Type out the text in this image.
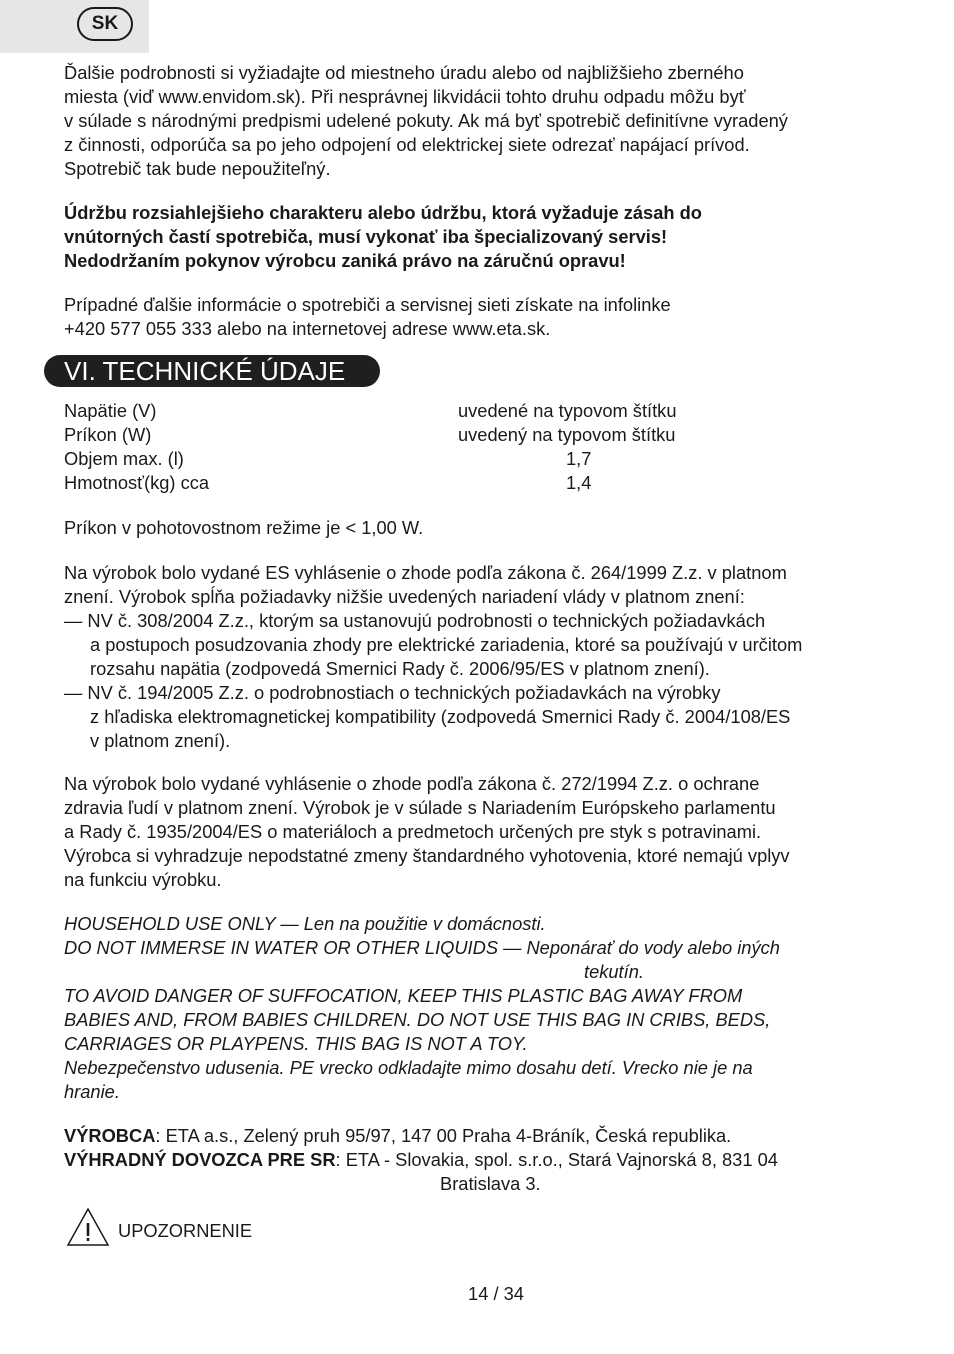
SK
Ďalšie podrobnosti si vyžiadajte od miestneho úradu alebo od najbližšieho zberného
miesta (viď www.envidom.sk). Při nesprávnej likvidácii tohto druhu odpadu môžu byť
v súlade s národnými predpismi udelené pokuty. Ak má byť spotrebič definitívne vyradený
z činnosti, odporúča sa po jeho odpojení od elektrickej siete odrezať napájací prívod.
Spotrebič tak bude nepoužiteľný.
Údržbu rozsiahlejšieho charakteru alebo údržbu, ktorá vyžaduje zásah do
vnútorných častí spotrebiča, musí vykonať iba špecializovaný servis!
Nedodržaním pokynov výrobcu zaniká právo na záručnú opravu!
Prípadné ďalšie informácie o spotrebiči a servisnej sieti získate na infolinke
+420 577 055 333 alebo na internetovej adrese www.eta.sk.
VI. TECHNICKÉ ÚDAJE
Napätie (V)	uvedené na typovom štítku
Príkon (W)	uvedený na typovom štítku
Objem max. (l)	1,7
Hmotnosť(kg) cca	1,4
Príkon v pohotovostnom režime je < 1,00 W.
Na výrobok bolo vydané ES vyhlásenie o zhode podľa zákona č. 264/1999 Z.z. v platnom
znení. Výrobok spĺňa požiadavky nižšie uvedených nariadení vlády v platnom znení:
— NV č. 308/2004 Z.z., ktorým sa ustanovujú podrobnosti o technických požiadavkách
a postupoch posudzovania zhody pre elektrické zariadenia, ktoré sa používajú v určitom
rozsahu napätia (zodpovedá Smernici Rady č. 2006/95/ES v platnom znení).
— NV č. 194/2005 Z.z. o podrobnostiach o technických požiadavkách na výrobky
z hľadiska elektromagnetickej kompatibility (zodpovedá Smernici Rady č. 2004/108/ES
v platnom znení).
Na výrobok bolo vydané vyhlásenie o zhode podľa zákona č. 272/1994 Z.z. o ochrane
zdravia ľudí v platnom znení. Výrobok je v súlade s Nariadením Európskeho parlamentu
a Rady č. 1935/2004/ES o materiáloch a predmetoch určených pre styk s potravinami.
Výrobca si vyhradzuje nepodstatné zmeny štandardného vyhotovenia, ktoré nemajú vplyv
na funkciu výrobku.
HOUSEHOLD USE ONLY — Len na použitie v domácnosti.
DO NOT IMMERSE IN WATER OR OTHER LIQUIDS — Neponárať do vody alebo iných
tekutín.
TO AVOID DANGER OF SUFFOCATION, KEEP THIS PLASTIC BAG AWAY FROM
BABIES AND, FROM BABIES CHILDREN. DO NOT USE THIS BAG IN CRIBS, BEDS,
CARRIAGES OR PLAYPENS. THIS BAG IS NOT A TOY.
Nebezpečenstvo udusenia. PE vrecko odkladajte mimo dosahu detí. Vrecko nie je na
hranie.
VÝROBCA: ETA a.s., Zelený pruh 95/97, 147 00 Praha 4-Bráník, Česká republika.
VÝHRADNÝ DOVOZCA PRE SR: ETA - Slovakia, spol. s.r.o., Stará Vajnorská 8, 831 04
Bratislava 3.
UPOZORNENIE
14 / 34
